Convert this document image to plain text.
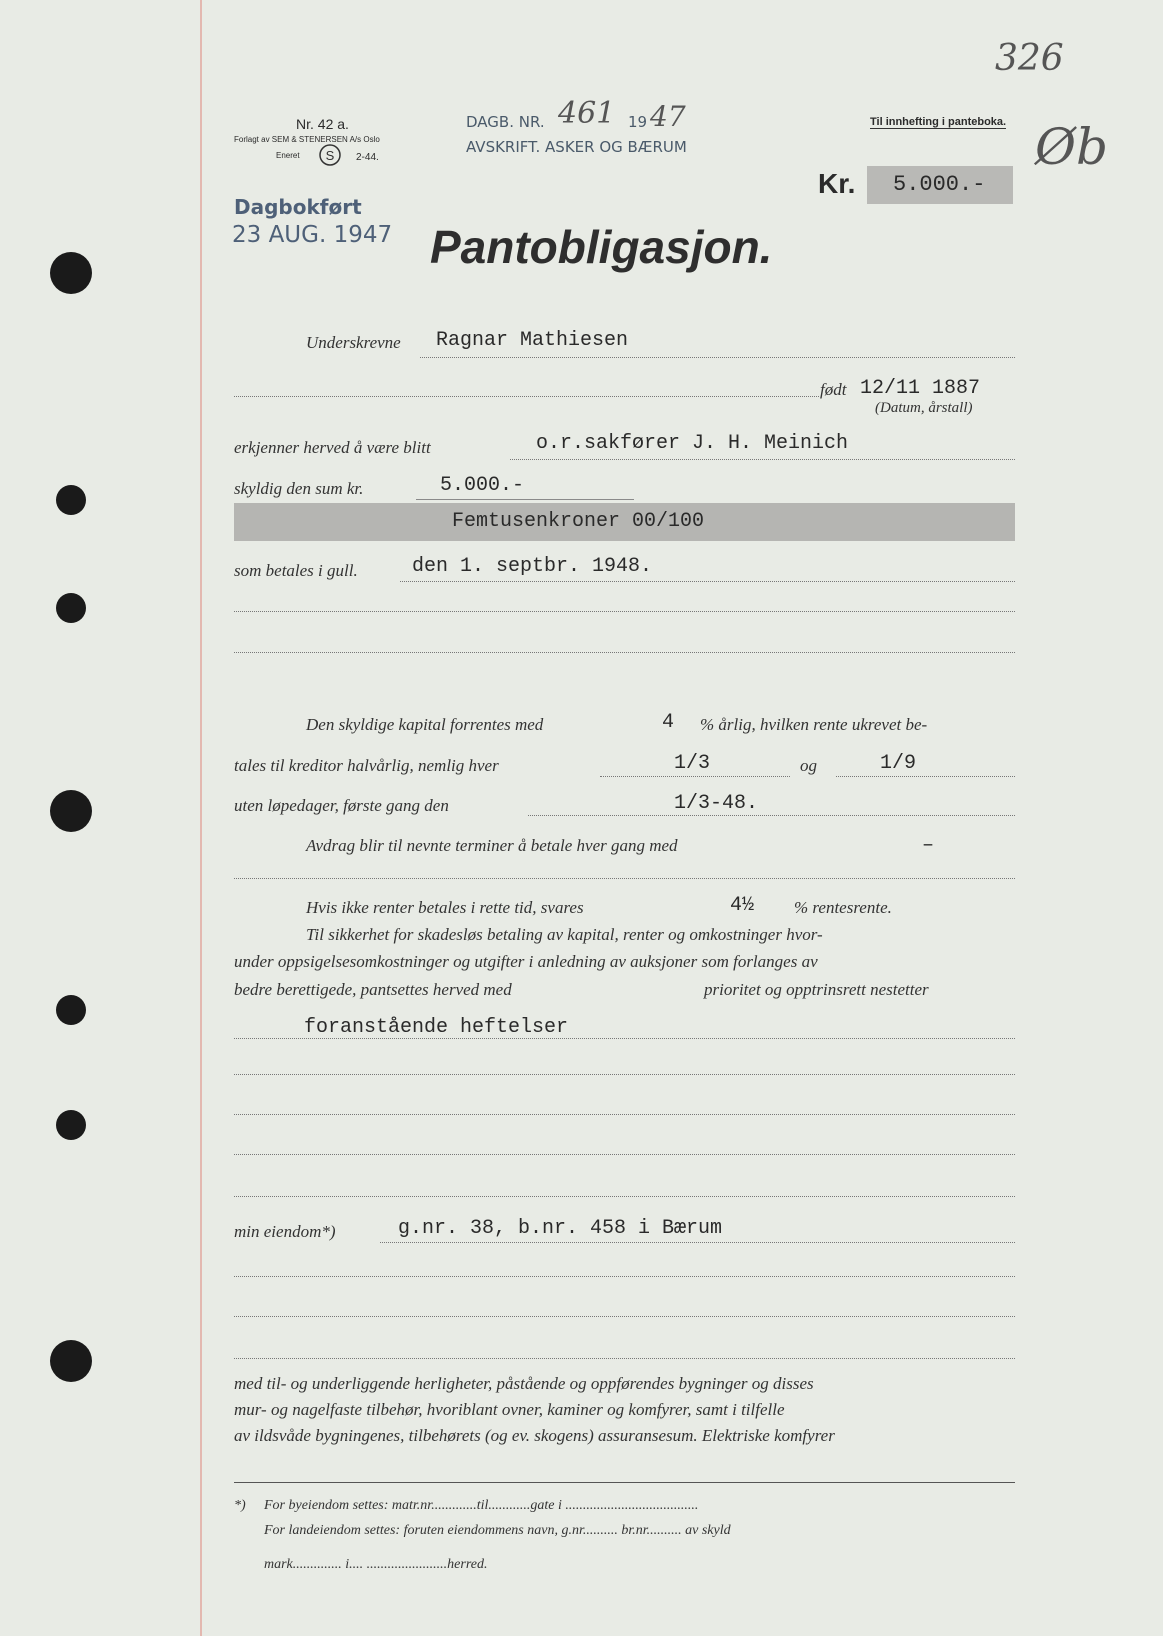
326
Øb
Nr. 42 a.
Forlagt av SEM & STENERSEN A/s Oslo
Eneret S 2-44.
DAGB. NR. 461 19 47
AVSKRIFT. ASKER OG BÆRUM
Til innhefting i panteboka.
Kr.	5.000.-
Dagbokført
23 AUG. 1947 Pantobligasjon.
Underskrevne Ragnar Mathiesen
født 12/11 1887
(Datum, årstall)
erkjenner herved å være blitt	o.r.sakfører J. H. Meinich
skyldig den sum kr.	5.000.-
Femtusenkroner 00/100
som betales i gull.	den 1. septbr. 1948.
Den skyldige kapital forrentes med	4 % årlig, hvilken rente ukrevet be-
tales til kreditor halvårlig, nemlig hver	1/3	og	1/9
uten løpedager, første gang den	1/3-48.
Avdrag blir til nevnte terminer å betale hver gang med	–
Hvis ikke renter betales i rette tid, svares	4½ % rentesrente.
Til sikkerhet for skadesløs betaling av kapital, renter og omkostninger hvor-
under oppsigelsesomkostninger og utgifter i anledning av auksjoner som forlanges av
bedre berettigede, pantsettes herved med	prioritet og opptrinsrett nestetter
foranstående heftelser
min eiendom*)	g.nr. 38, b.nr. 458 i Bærum
med til- og underliggende herligheter, påstående og oppførendes bygninger og disses
mur- og nagelfaste tilbehør, hvoriblant ovner, kaminer og komfyrer, samt i tilfelle
av ildsvåde bygningenes, tilbehørets (og ev. skogens) assuransesum. Elektriske komfyrer
*) For byeiendom settes: matr.nr.............til............gate i ......................................
For landeiendom settes: foruten eiendommens navn, g.nr.......... br.nr.......... av skyld
mark.............. i.... .......................herred.
